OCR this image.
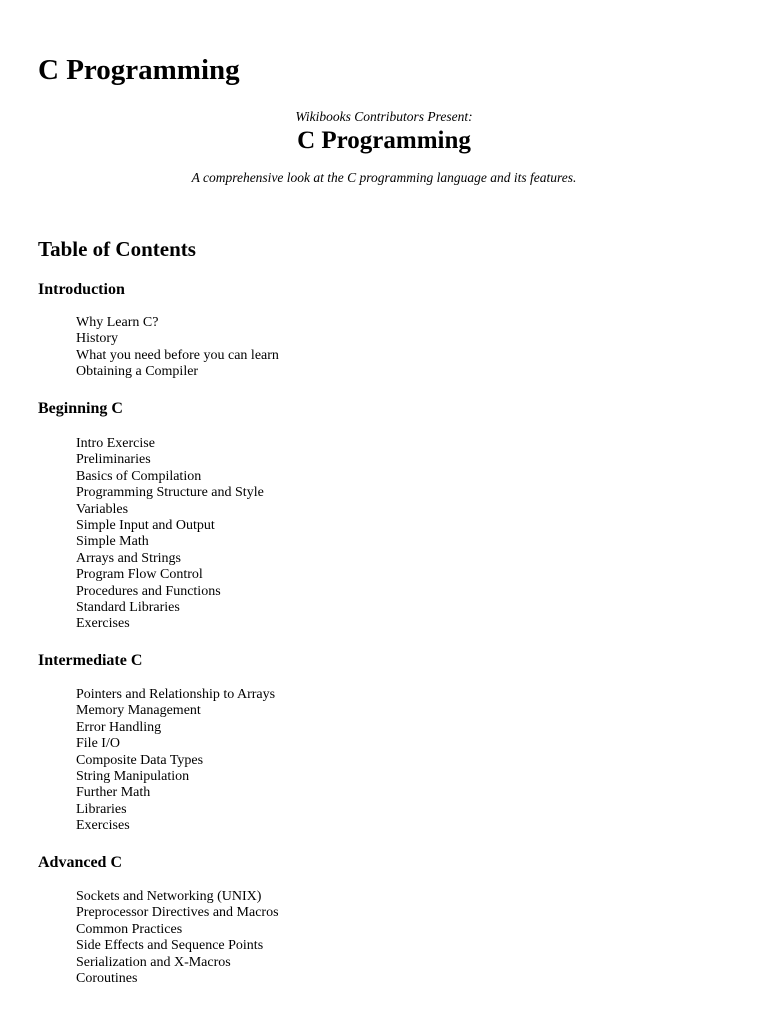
C Programming
Wikibooks Contributors Present:
C Programming
A comprehensive look at the C programming language and its features.
Table of Contents
Introduction
Why Learn C?
History
What you need before you can learn
Obtaining a Compiler
Beginning C
Intro Exercise
Preliminaries
Basics of Compilation
Programming Structure and Style
Variables
Simple Input and Output
Simple Math
Arrays and Strings
Program Flow Control
Procedures and Functions
Standard Libraries
Exercises
Intermediate C
Pointers and Relationship to Arrays
Memory Management
Error Handling
File I/O
Composite Data Types
String Manipulation
Further Math
Libraries
Exercises
Advanced C
Sockets and Networking (UNIX)
Preprocessor Directives and Macros
Common Practices
Side Effects and Sequence Points
Serialization and X-Macros
Coroutines
